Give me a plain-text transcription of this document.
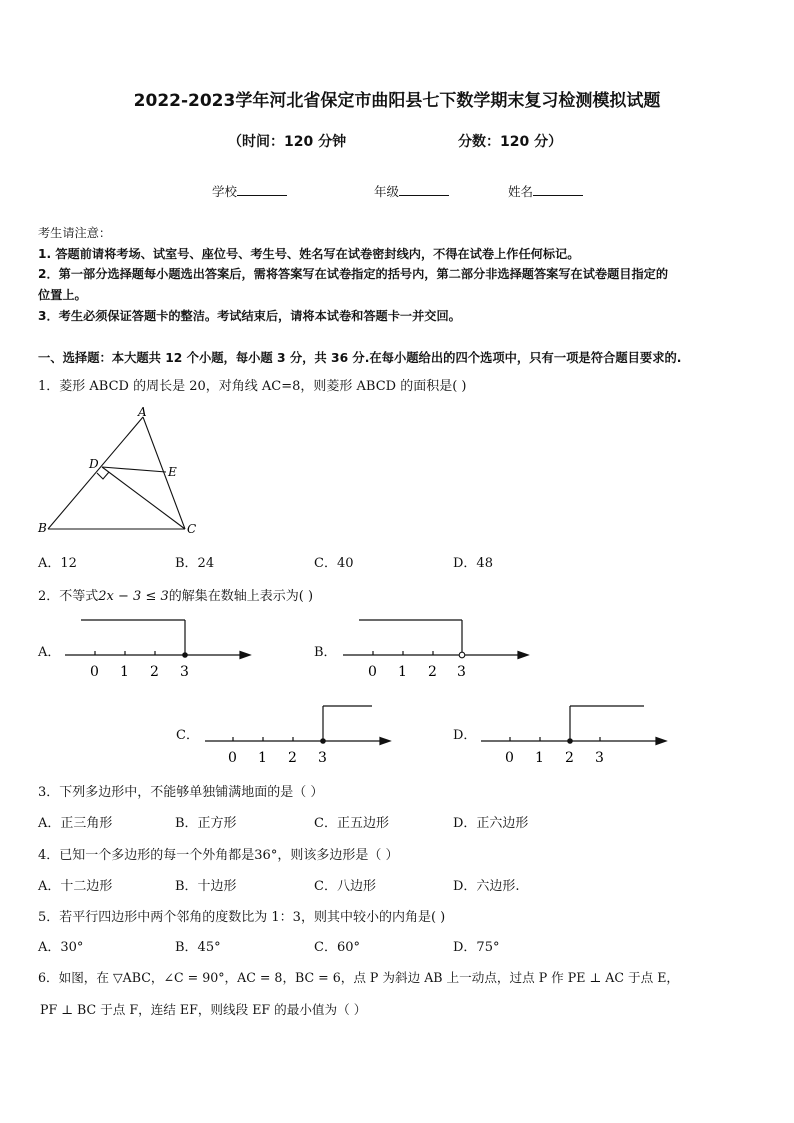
2022-2023学年河北省保定市曲阳县七下数学期末复习检测模拟试题
（时间：120 分钟	分数：120 分）
学校	年级	姓名
考生请注意：
1. 答题前请将考场、试室号、座位号、考生号、姓名写在试卷密封线内，不得在试卷上作任何标记。
2．第一部分选择题每小题选出答案后，需将答案写在试卷指定的括号内，第二部分非选择题答案写在试卷题目指定的
位置上。
3．考生必须保证答题卡的整洁。考试结束后，请将本试卷和答题卡一并交回。
一、选择题：本大题共 12 个小题，每小题 3 分，共 36 分.在每小题给出的四个选项中，只有一项是符合题目要求的.
1．菱形 ABCD 的周长是 20，对角线 AC=8，则菱形 ABCD 的面积是( )
A
D
E
B	C
A．12	B．24	C．40	D．48
2．不等式2x − 3 ≤ 3的解集在数轴上表示为( )
A．
0 1 2 3
B．
0 1 2 3
C．
0 1 2 3
D．
0 1 2 3
3．下列多边形中，不能够单独铺满地面的是（ ）
A．正三角形	B．正方形	C．正五边形	D．正六边形
4．已知一个多边形的每一个外角都是36°，则该多边形是（ ）
A．十二边形	B．十边形	C．八边形	D．六边形.
5．若平行四边形中两个邻角的度数比为 1：3，则其中较小的内角是( )
A．30°	B．45°	C．60°	D．75°
6．如图，在 ▽ABC，∠C = 90°，AC = 8，BC = 6，点 P 为斜边 AB 上一动点，过点 P 作 PE ⊥ AC 于点 E，
PF ⊥ BC 于点 F，连结 EF，则线段 EF 的最小值为（ ）
